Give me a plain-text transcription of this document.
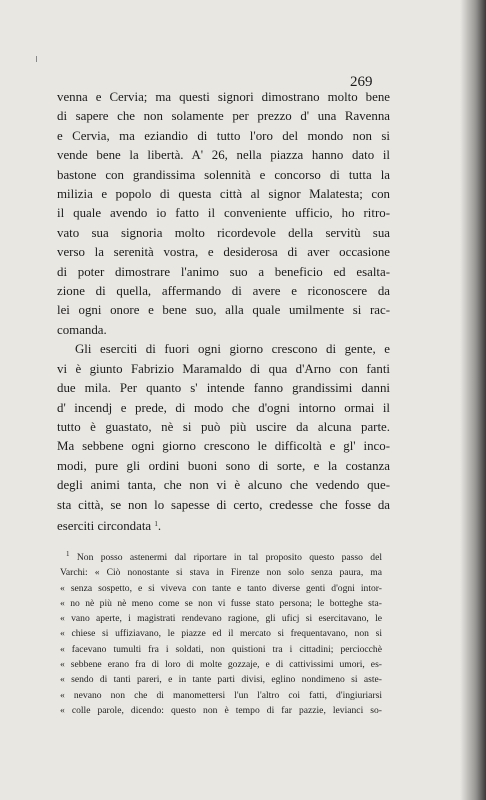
269

venna e Cervia; ma questi signori dimostrano molto bene
di sapere che non solamente per prezzo d' una Ravenna
e Cervia, ma eziandio di tutto l'oro del mondo non si
vende bene la libertà. A' 26, nella piazza hanno dato il
bastone con grandissima solennità e concorso di tutta la
milizia e popolo di questa città al signor Malatesta; con
il quale avendo io fatto il conveniente ufficio, ho ritro-
vato sua signoria molto ricordevole della servitù sua
verso la serenità vostra, e desiderosa di aver occasione
di poter dimostrare l'animo suo a beneficio ed esalta-
zione di quella, affermando di avere e riconoscere da
lei ogni onore e bene suo, alla quale umilmente si rac-
comanda.

Gli eserciti di fuori ogni giorno crescono di gente, e
vi è giunto Fabrizio Maramaldo di qua d'Arno con fanti
due mila. Per quanto s' intende fanno grandissimi danni
d' incendj e prede, di modo che d'ogni intorno ormai il
tutto è guastato, nè si può più uscire da alcuna parte.
Ma sebbene ogni giorno crescono le difficoltà e gl' inco-
modi, pure gli ordini buoni sono di sorte, e la costanza
degli animi tanta, che non vi è alcuno che vedendo que-
sta città, se non lo sapesse di certo, credesse che fosse da
eserciti circondata $^1$.

$^1$ Non posso astenermi dal riportare in tal proposito questo passo del
Varchi: « Ciò nonostante si stava in Firenze non solo senza paura, ma
« senza sospetto, e si viveva con tante e tanto diverse genti d'ogni intor-
« no nè più nè meno come se non vi fusse stato persona; le botteghe sta-
« vano aperte, i magistrati rendevano ragione, gli uficj si esercitavano, le
« chiese si uffiziavano, le piazze ed il mercato si frequentavano, non si
« facevano tumulti fra i soldati, non quistioni tra i cittadini; perciocchè
« sebbene erano fra di loro di molte gozzaje, e di cattivissimi umori, es-
« sendo di tanti pareri, e in tante parti divisi, eglino nondimeno si aste-
« nevano non che di manomettersi l'un l'altro coi fatti, d'ingiuriarsi
« colle parole, dicendo: questo non è tempo di far pazzie, levianci so-
